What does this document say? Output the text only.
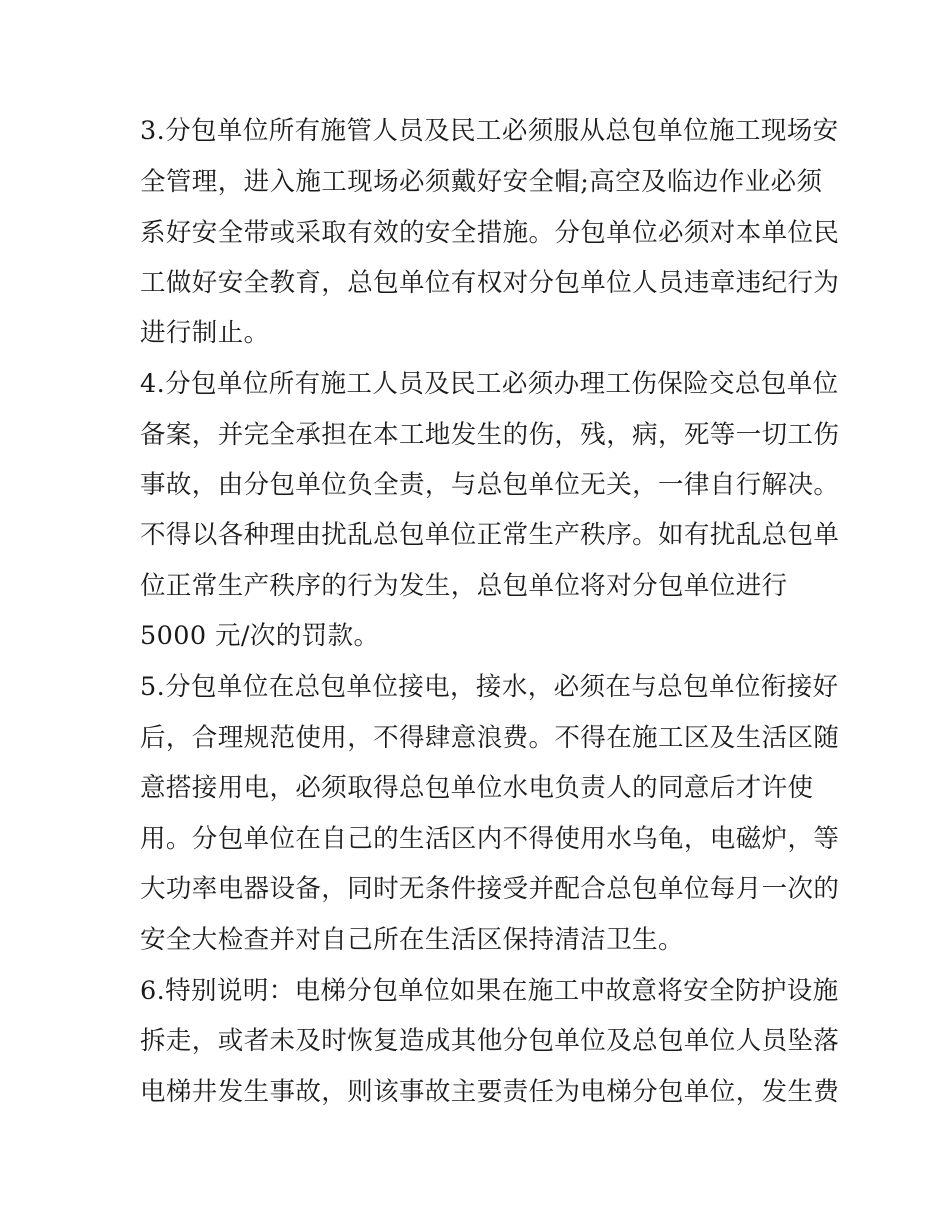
3.分包单位所有施管人员及民工必须服从总包单位施工现场安
全管理，进入施工现场必须戴好安全帽;高空及临边作业必须
系好安全带或采取有效的安全措施。分包单位必须对本单位民
工做好安全教育，总包单位有权对分包单位人员违章违纪行为
进行制止。
4.分包单位所有施工人员及民工必须办理工伤保险交总包单位
备案，并完全承担在本工地发生的伤，残，病，死等一切工伤
事故，由分包单位负全责，与总包单位无关，一律自行解决。
不得以各种理由扰乱总包单位正常生产秩序。如有扰乱总包单
位正常生产秩序的行为发生，总包单位将对分包单位进行
5000 元/次的罚款。
5.分包单位在总包单位接电，接水，必须在与总包单位衔接好
后，合理规范使用，不得肆意浪费。不得在施工区及生活区随
意搭接用电，必须取得总包单位水电负责人的同意后才许使
用。分包单位在自己的生活区内不得使用水乌龟，电磁炉，等
大功率电器设备，同时无条件接受并配合总包单位每月一次的
安全大检查并对自己所在生活区保持清洁卫生。
6.特别说明：电梯分包单位如果在施工中故意将安全防护设施
拆走，或者未及时恢复造成其他分包单位及总包单位人员坠落
电梯井发生事故，则该事故主要责任为电梯分包单位，发生费
